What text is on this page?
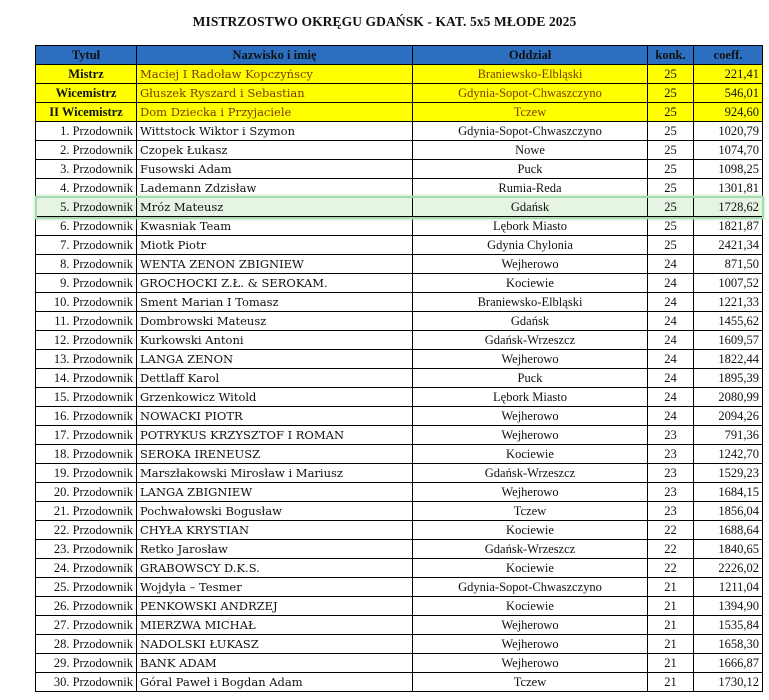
MISTRZOSTWO OKRĘGU GDAŃSK - KAT. 5x5 MŁODE 2025
Tytuł	Nazwisko i imię	Oddział	konk.	coeff.
Mistrz	Maciej I Radoław Kopczyńscy	Braniewsko-Elbląski	25	221,41
Wicemistrz	Głuszek Ryszard i Sebastian	Gdynia-Sopot-Chwaszczyno	25	546,01
II Wicemistrz	Dom Dziecka i Przyjaciele	Tczew	25	924,60
1. Przodownik	Wittstock Wiktor i Szymon	Gdynia-Sopot-Chwaszczyno	25	1020,79
2. Przodownik	Czopek Łukasz	Nowe	25	1074,70
3. Przodownik	Fusowski Adam	Puck	25	1098,25
4. Przodownik	Lademann Zdzisław	Rumia-Reda	25	1301,81
5. Przodownik	Mróz Mateusz	Gdańsk	25	1728,62
6. Przodownik	Kwasniak Team	Lębork Miasto	25	1821,87
7. Przodownik	Miotk Piotr	Gdynia Chylonia	25	2421,34
8. Przodownik	WENTA ZENON ZBIGNIEW	Wejherowo	24	871,50
9. Przodownik	GROCHOCKI Z.Ł. & SEROKAM.	Kociewie	24	1007,52
10. Przodownik	Sment Marian I Tomasz	Braniewsko-Elbląski	24	1221,33
11. Przodownik	Dombrowski Mateusz	Gdańsk	24	1455,62
12. Przodownik	Kurkowski Antoni	Gdańsk-Wrzeszcz	24	1609,57
13. Przodownik	LANGA ZENON	Wejherowo	24	1822,44
14. Przodownik	Dettlaff Karol	Puck	24	1895,39
15. Przodownik	Grzenkowicz Witold	Lębork Miasto	24	2080,99
16. Przodownik	NOWACKI PIOTR	Wejherowo	24	2094,26
17. Przodownik	POTRYKUS KRZYSZTOF I ROMAN	Wejherowo	23	791,36
18. Przodownik	SEROKA IRENEUSZ	Kociewie	23	1242,70
19. Przodownik	Marszłakowski Mirosław i Mariusz	Gdańsk-Wrzeszcz	23	1529,23
20. Przodownik	LANGA ZBIGNIEW	Wejherowo	23	1684,15
21. Przodownik	Pochwałowski Bogusław	Tczew	23	1856,04
22. Przodownik	CHYŁA KRYSTIAN	Kociewie	22	1688,64
23. Przodownik	Retko Jarosław	Gdańsk-Wrzeszcz	22	1840,65
24. Przodownik	GRABOWSCY D.K.S.	Kociewie	22	2226,02
25. Przodownik	Wojdyła – Tesmer	Gdynia-Sopot-Chwaszczyno	21	1211,04
26. Przodownik	PENKOWSKI ANDRZEJ	Kociewie	21	1394,90
27. Przodownik	MIERZWA MICHAŁ	Wejherowo	21	1535,84
28. Przodownik	NADOLSKI ŁUKASZ	Wejherowo	21	1658,30
29. Przodownik	BANK ADAM	Wejherowo	21	1666,87
30. Przodownik	Góral Paweł i Bogdan Adam	Tczew	21	1730,12
